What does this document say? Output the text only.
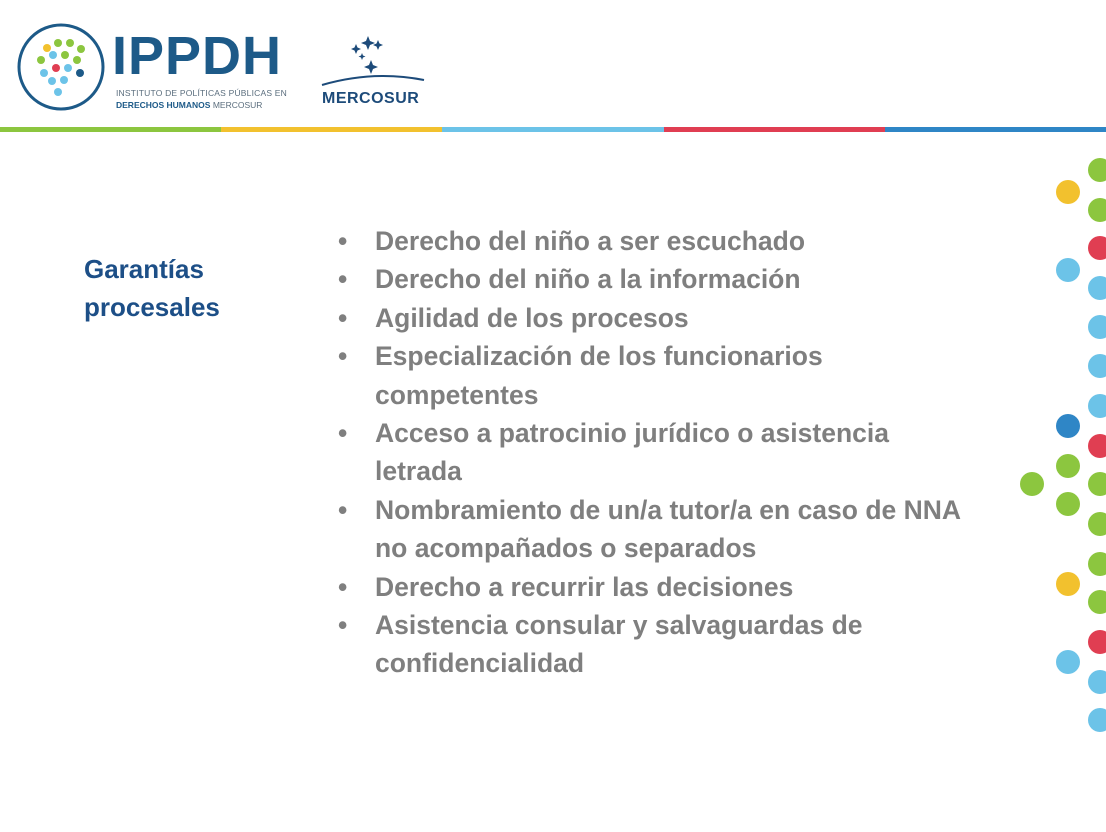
IPPDH
INSTITUTO DE POLÍTICAS PÚBLICAS EN
DERECHOS HUMANOS MERCOSUR	MERCOSUR
Garantías procesales
•	Derecho del niño a ser escuchado
•	Derecho del niño a la información
•	Agilidad de los procesos
•	Especialización de los funcionarios competentes
•	Acceso a patrocinio jurídico o asistencia letrada
•	Nombramiento de un/a tutor/a en caso de NNA no acompañados o separados
•	Derecho a recurrir las decisiones
•	Asistencia consular y salvaguardas de confidencialidad
